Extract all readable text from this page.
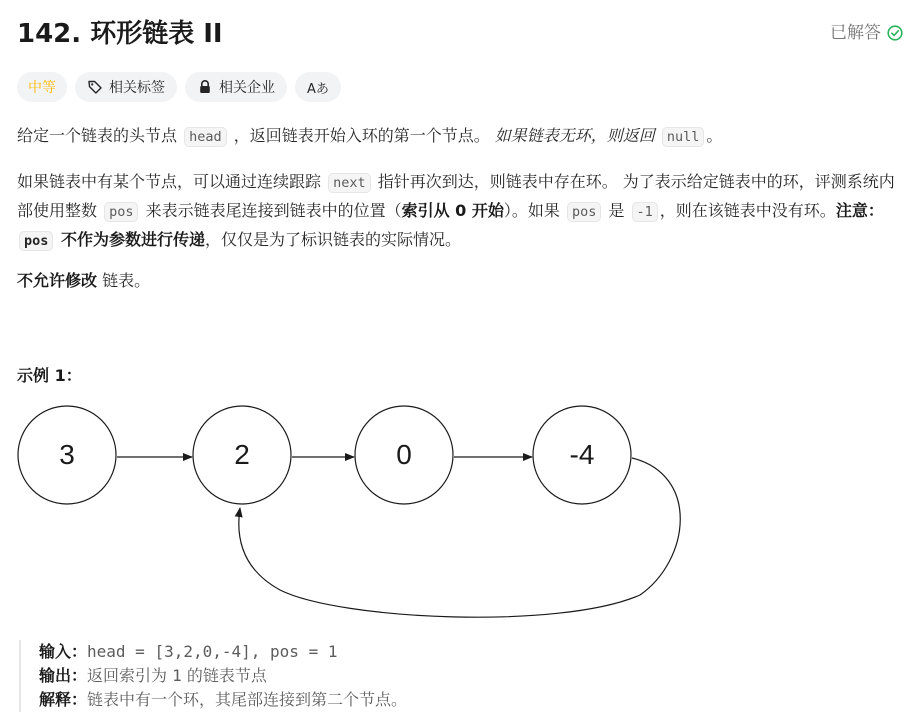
142. 环形链表 II	已解答
中等	相关标签	相关企业 Aあ

给定一个链表的头节点 head ，返回链表开始入环的第一个节点。 如果链表无环，则返回 null 。

如果链表中有某个节点，可以通过连续跟踪 next 指针再次到达，则链表中存在环。 为了表示给定链表中的环，评测系统内部使用整数 pos 来表示链表尾连接到链表中的位置（索引从 0 开始）。如果 pos 是 -1 ，则在该链表中没有环。注意：pos 不作为参数进行传递，仅仅是为了标识链表的实际情况。

不允许修改 链表。

示例 1：

3	2	0	-4
输入：head = [3,2,0,-4], pos = 1
输出：返回索引为 1 的链表节点
解释：链表中有一个环，其尾部连接到第二个节点。
